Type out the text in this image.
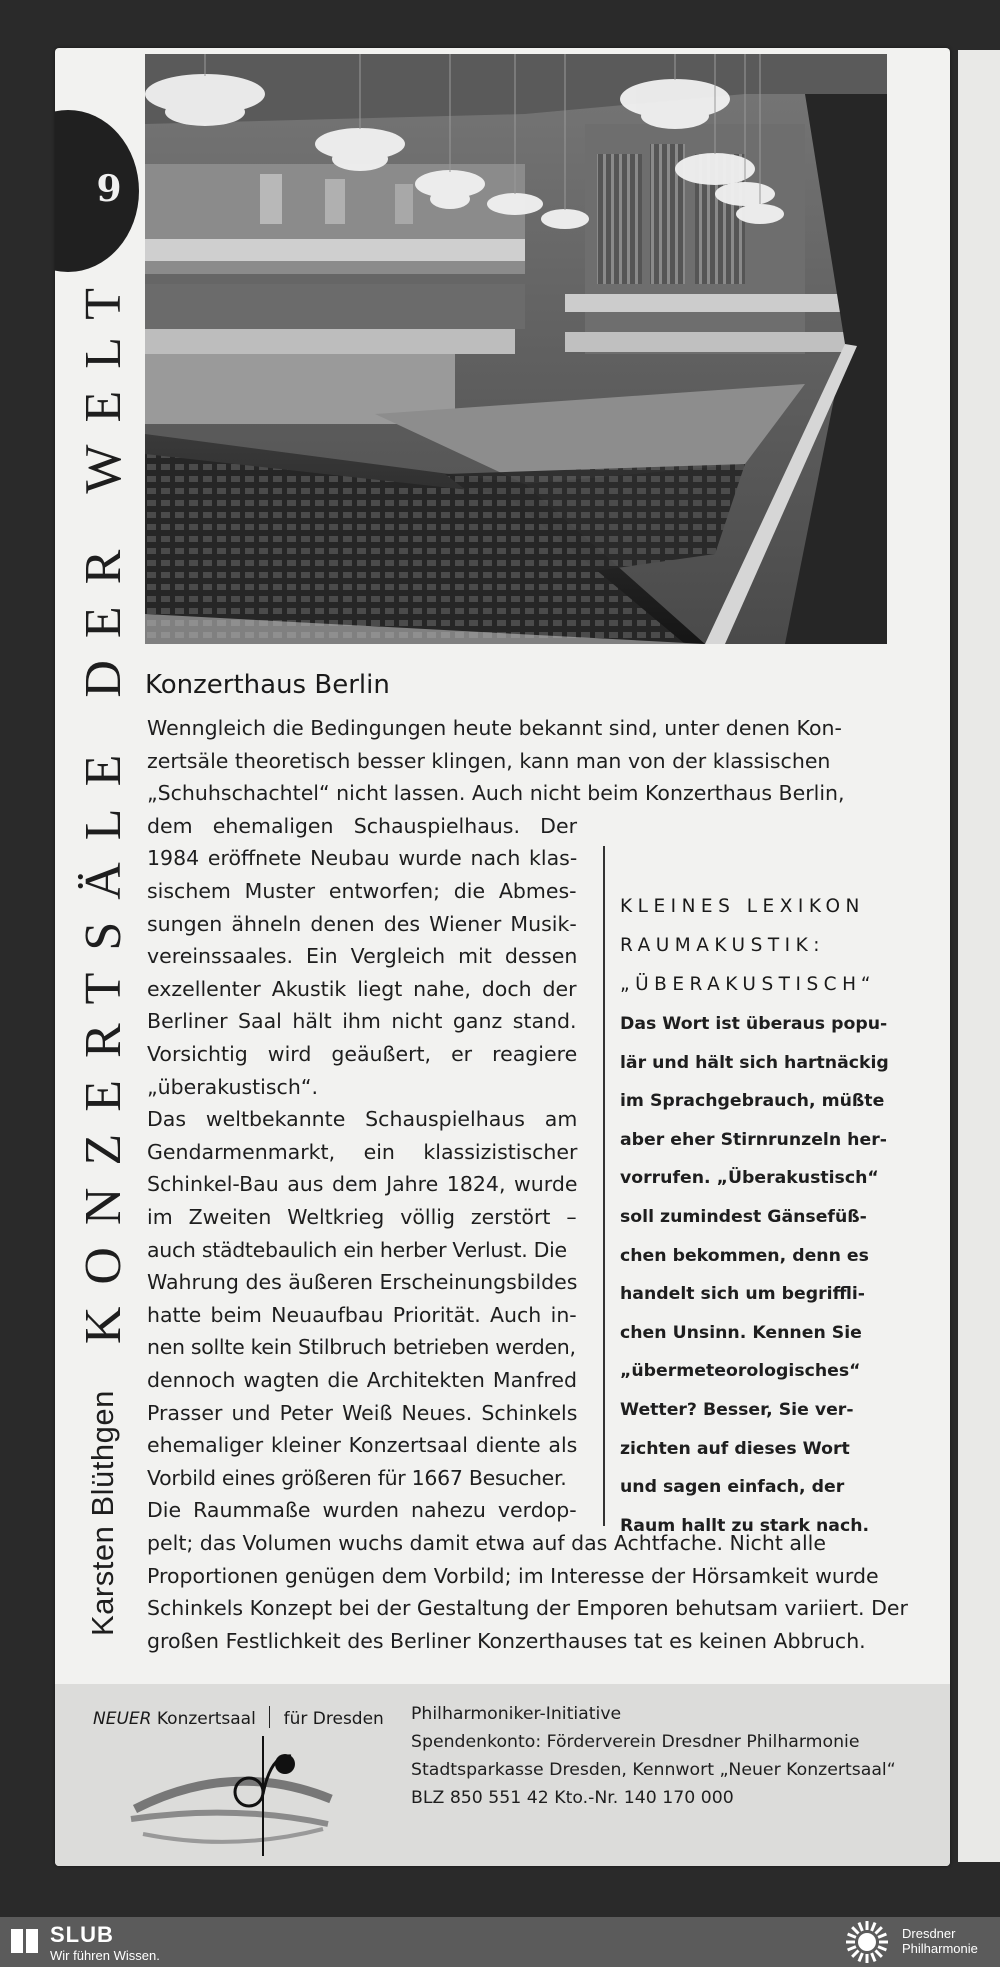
9
Karsten Blüthgen
KONZERTSÄLE DER WELT Konzerthaus Berlin
Wenngleich die Bedingungen heute bekannt sind, unter denen Kon-
zertsäle theoretisch besser klingen, kann man von der klassischen
„Schuhschachtel“ nicht lassen. Auch nicht beim Konzerthaus Berlin,
dem ehemaligen Schauspielhaus. Der
1984 eröffnete Neubau wurde nach klas-
sischem Muster entworfen; die Abmes-
sungen ähneln denen des Wiener Musik-
vereinssaales. Ein Vergleich mit dessen
exzellenter Akustik liegt nahe, doch der
Berliner Saal hält ihm nicht ganz stand.
Vorsichtig wird geäußert, er reagiere
„überakustisch“.
Das weltbekannte Schauspielhaus am
Gendarmenmarkt, ein klassizistischer
Schinkel-Bau aus dem Jahre 1824, wurde
im Zweiten Weltkrieg völlig zerstört –
auch städtebaulich ein herber Verlust. Die
Wahrung des äußeren Erscheinungsbildes
hatte beim Neuaufbau Priorität. Auch in-
nen sollte kein Stilbruch betrieben werden,
dennoch wagten die Architekten Manfred
Prasser und Peter Weiß Neues. Schinkels
ehemaliger kleiner Konzertsaal diente als
Vorbild eines größeren für 1667 Besucher.
Die Raummaße wurden nahezu verdop-
pelt; das Volumen wuchs damit etwa auf das Achtfache. Nicht alle
Proportionen genügen dem Vorbild; im Interesse der Hörsamkeit wurde
Schinkels Konzept bei der Gestaltung der Emporen behutsam variiert. Der
großen Festlichkeit des Berliner Konzerthauses tat es keinen Abbruch.
KLEINES LEXIKON
RAUMAKUSTIK:
„ÜBERAKUSTISCH“
Das Wort ist überaus popu-
lär und hält sich hartnäckig
im Sprachgebrauch, müßte
aber eher Stirnrunzeln her-
vorrufen. „Überakustisch“
soll zumindest Gänsefüß-
chen bekommen, denn es
handelt sich um begriffli-
chen Unsinn. Kennen Sie
„übermeteorologisches“
Wetter? Besser, Sie ver-
zichten auf dieses Wort
und sagen einfach, der
Raum hallt zu stark nach.
NEUER Konzertsaal für Dresden Philharmoniker-Initiative
Spendenkonto: Förderverein Dresdner Philharmonie
Stadtsparkasse Dresden, Kennwort „Neuer Konzertsaal“
BLZ 850 551 42 Kto.-Nr. 140 170 000
SLUB
Wir führen Wissen.
Dresdner
Philharmonie
